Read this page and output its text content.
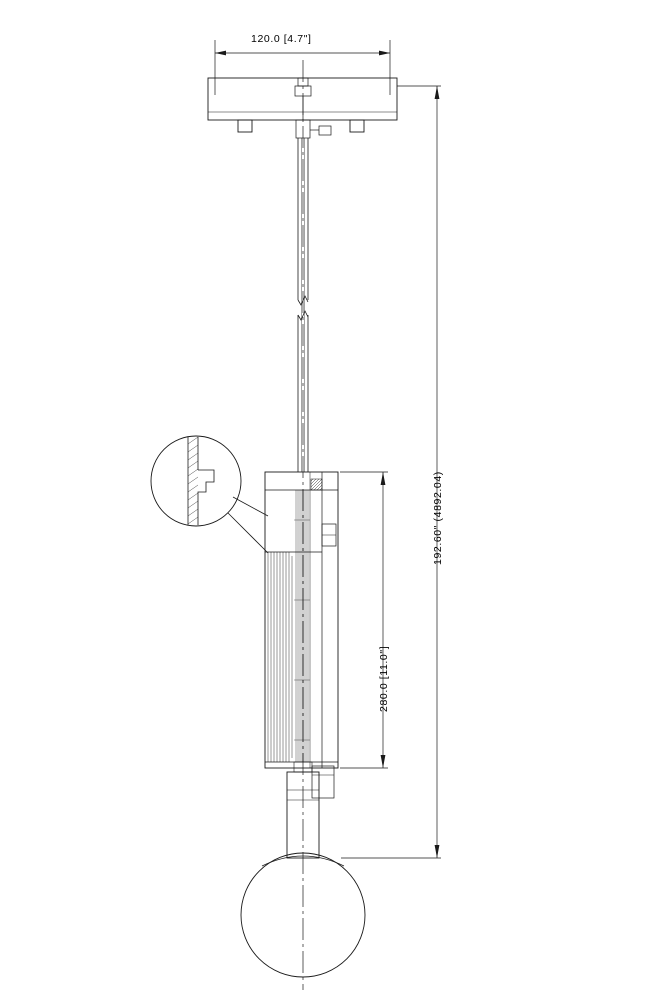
120.0 [4.7"]
192.60" (4892.04)
280.0 [11.0"]
